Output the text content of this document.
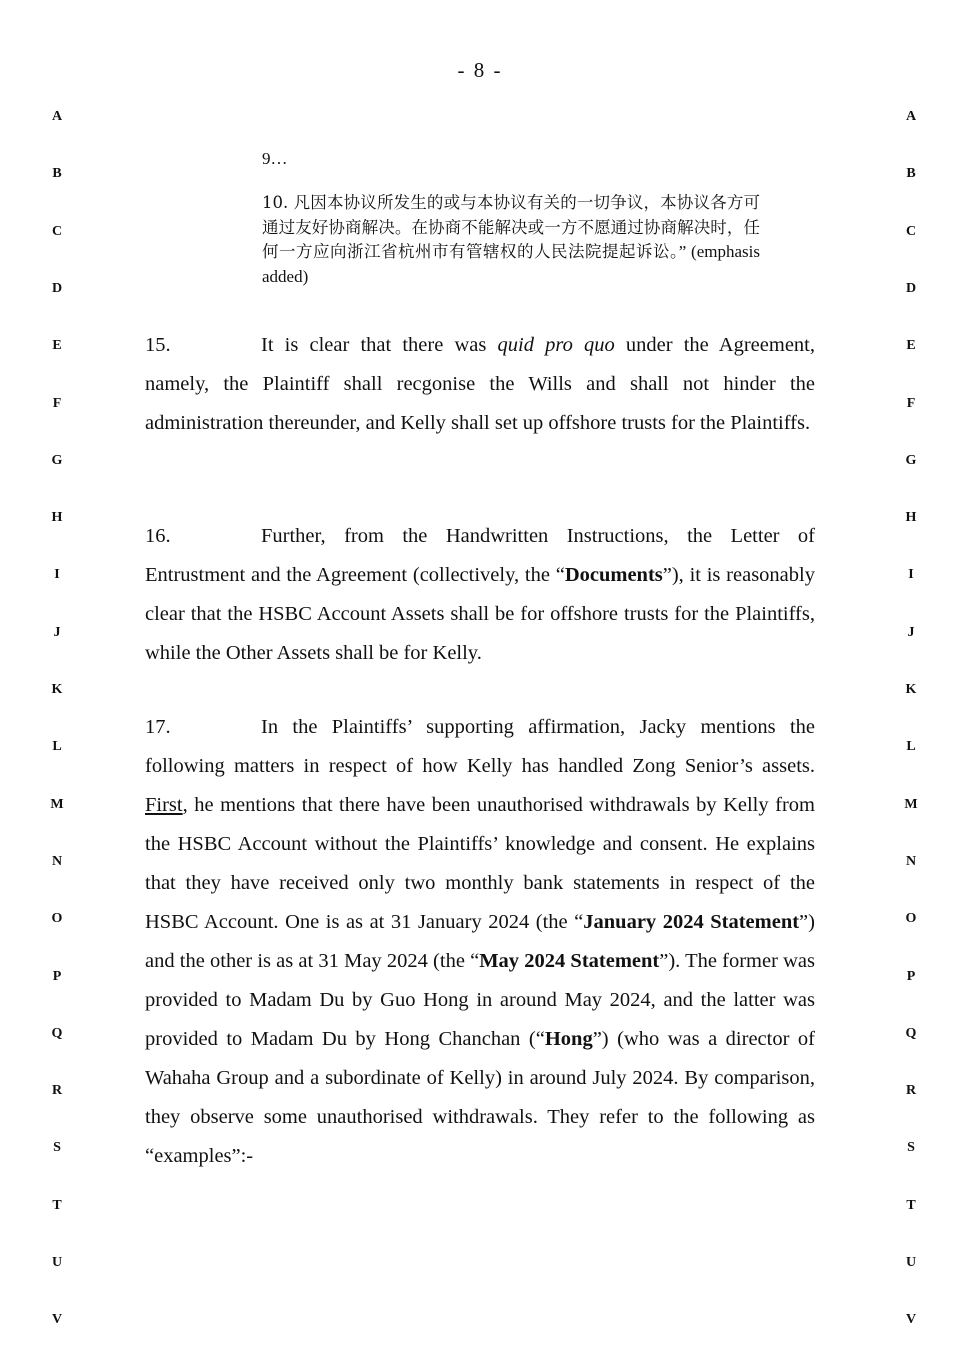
- 8 -
A
B
C
D
E
F
G
H
I
J
K
L
M
N
O
P
Q
R
S
T
U
V
A
B
C
D
E
F
G
H
I
J
K
L
M
N
O
P
Q
R
S
T
U
V
9…
10. 凡因本协议所发生的或与本协议有关的一切争议，本协议各方可通过友好协商解决。在协商不能解决或一方不愿通过协商解决时，任何一方应向浙江省杭州市有管辖权的人民法院提起诉讼。” (emphasis added)
15.	It is clear that there was quid pro quo under the Agreement, namely, the Plaintiff shall recgonise the Wills and shall not hinder the administration thereunder, and Kelly shall set up offshore trusts for the Plaintiffs.
16.	Further, from the Handwritten Instructions, the Letter of Entrustment and the Agreement (collectively, the “Documents”), it is reasonably clear that the HSBC Account Assets shall be for offshore trusts for the Plaintiffs, while the Other Assets shall be for Kelly.
17.	In the Plaintiffs’ supporting affirmation, Jacky mentions the following matters in respect of how Kelly has handled Zong Senior’s assets. First, he mentions that there have been unauthorised withdrawals by Kelly from the HSBC Account without the Plaintiffs’ knowledge and consent. He explains that they have received only two monthly bank statements in respect of the HSBC Account. One is as at 31 January 2024 (the “January 2024 Statement”) and the other is as at 31 May 2024 (the “May 2024 Statement”). The former was provided to Madam Du by Guo Hong in around May 2024, and the latter was provided to Madam Du by Hong Chanchan (“Hong”) (who was a director of Wahaha Group and a subordinate of Kelly) in around July 2024. By comparison, they observe some unauthorised withdrawals. They refer to the following as “examples”:-
